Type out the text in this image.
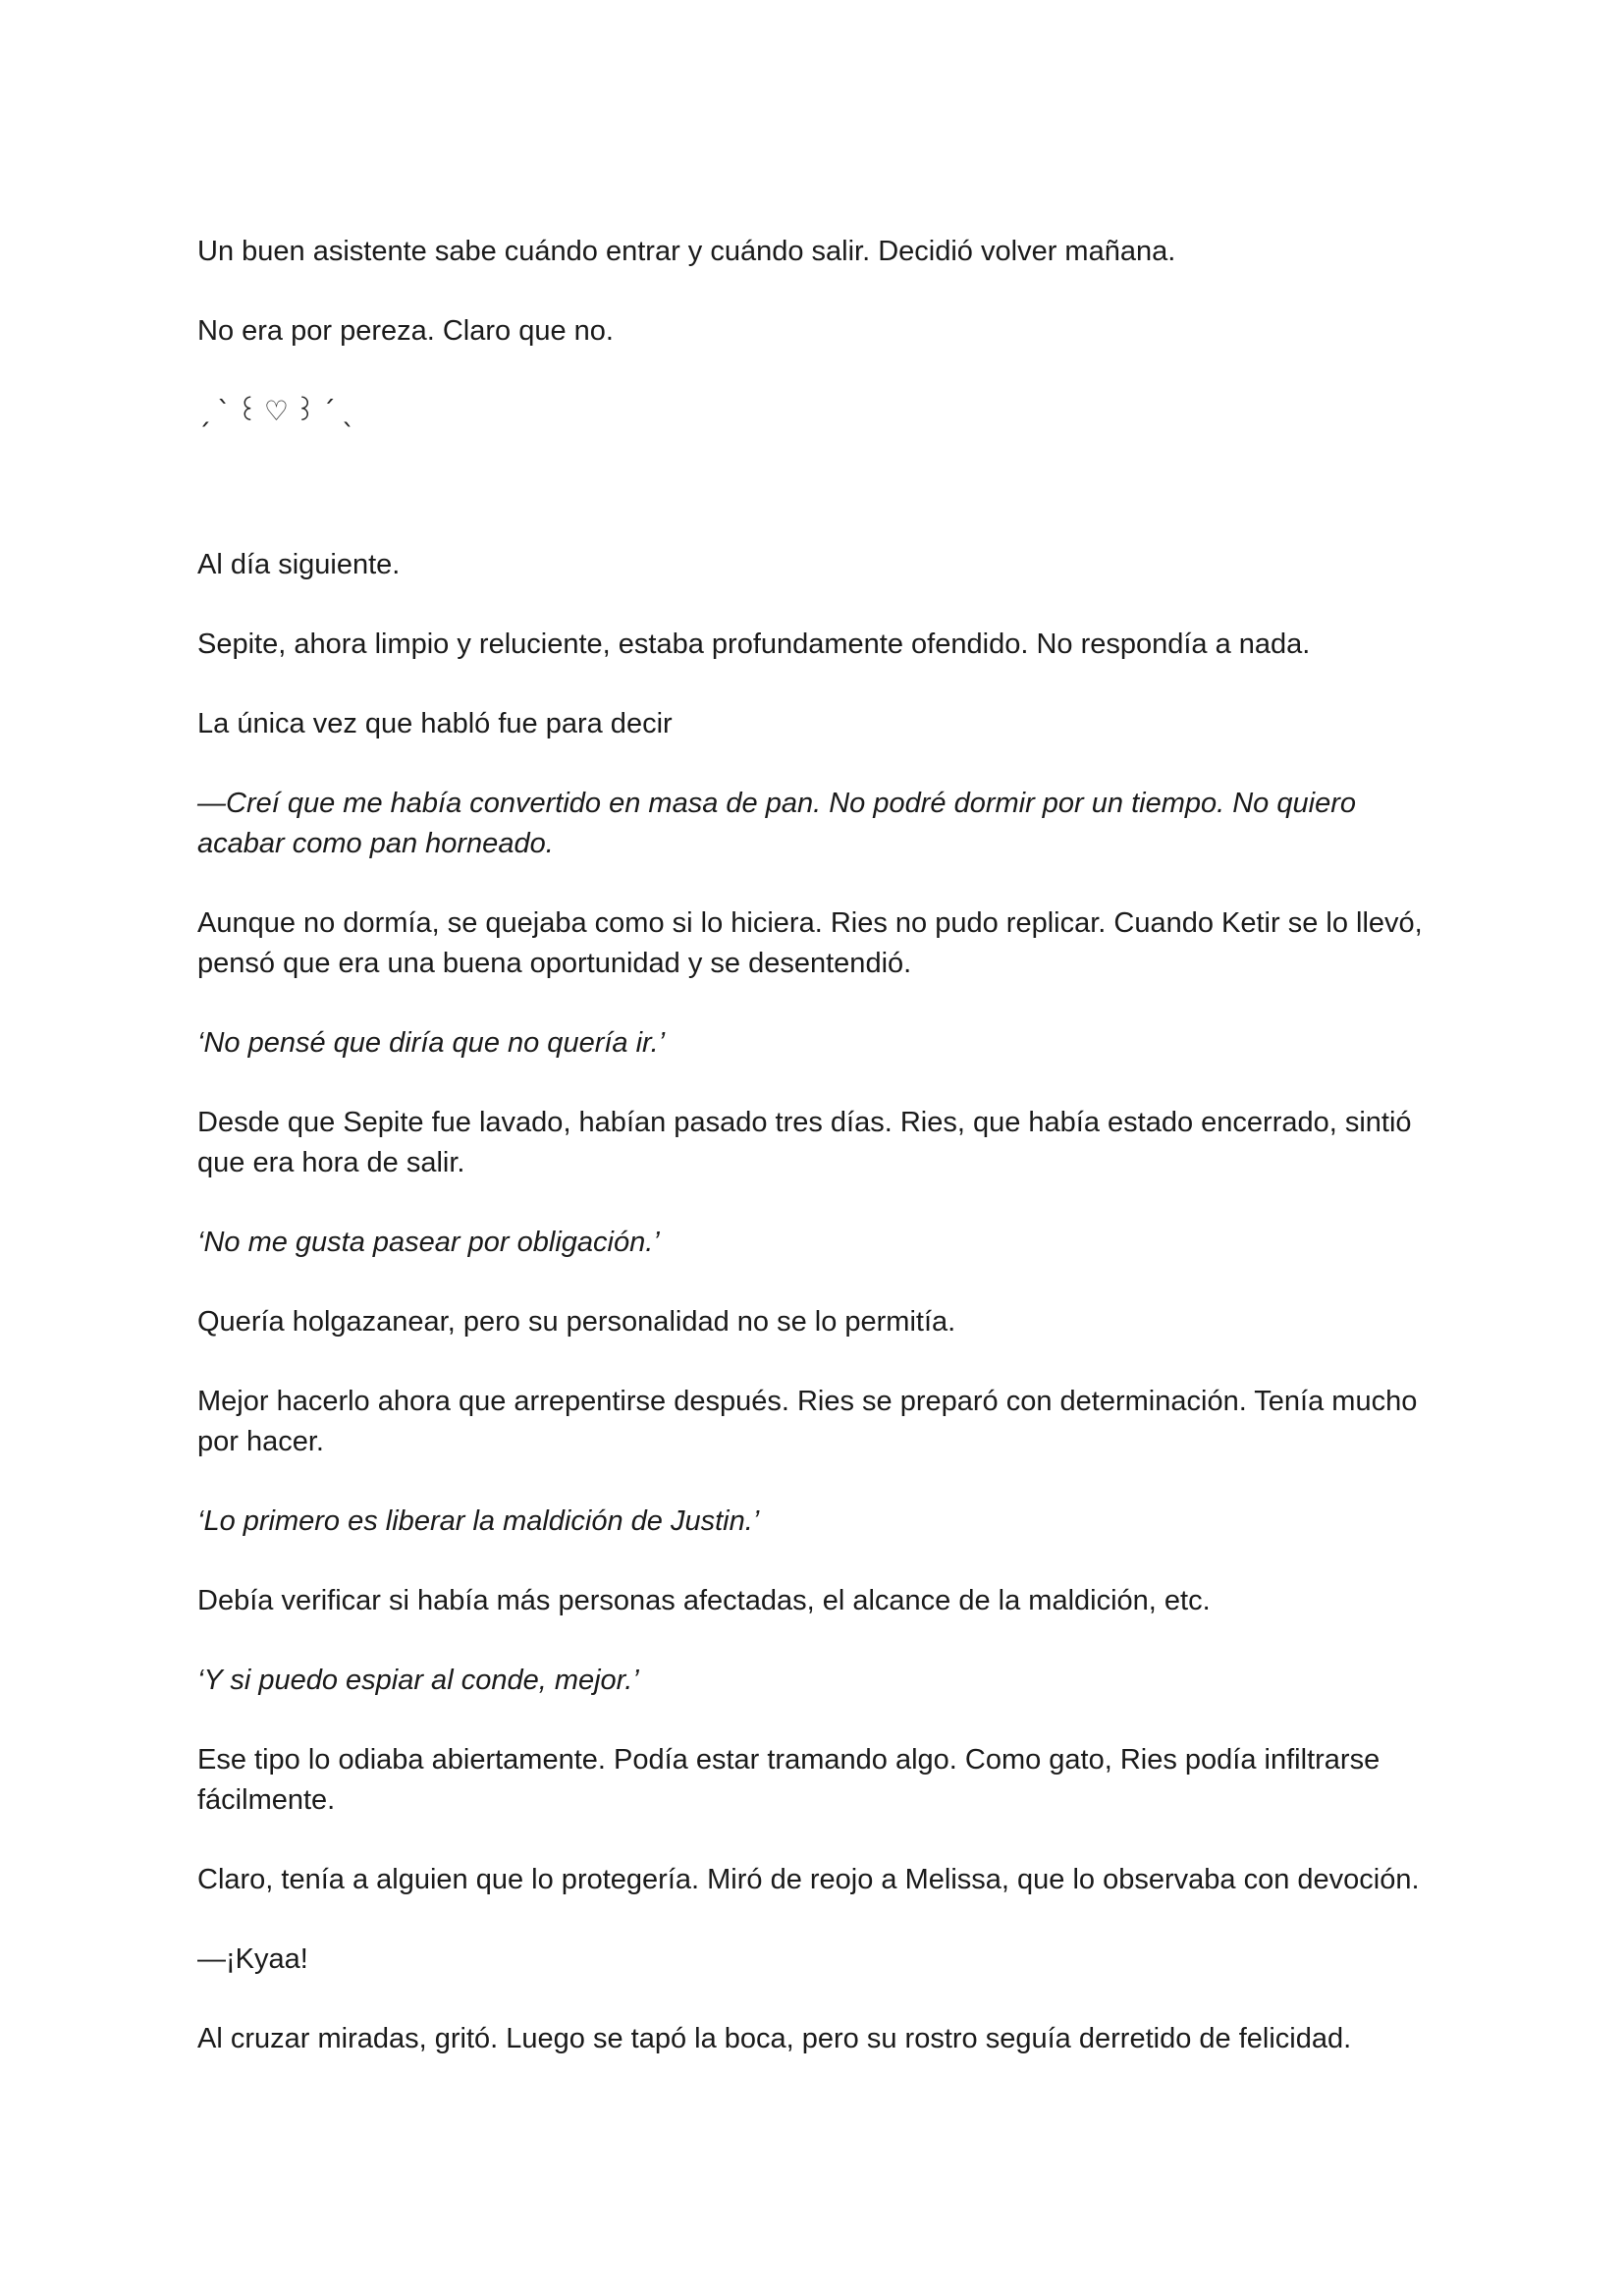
Un buen asistente sabe cuándo entrar y cuándo salir. Decidió volver mañana.

No era por pereza. Claro que no.

ˏˋ꒰♡꒱ˊˎ

Al día siguiente.

Sepite, ahora limpio y reluciente, estaba profundamente ofendido. No respondía a nada.

La única vez que habló fue para decir

—Creí que me había convertido en masa de pan. No podré dormir por un tiempo. No quiero acabar como pan horneado.

Aunque no dormía, se quejaba como si lo hiciera. Ries no pudo replicar. Cuando Ketir se lo llevó, pensó que era una buena oportunidad y se desentendió.

‘No pensé que diría que no quería ir.’

Desde que Sepite fue lavado, habían pasado tres días. Ries, que había estado encerrado, sintió que era hora de salir.

‘No me gusta pasear por obligación.’

Quería holgazanear, pero su personalidad no se lo permitía.

Mejor hacerlo ahora que arrepentirse después. Ries se preparó con determinación. Tenía mucho por hacer.

‘Lo primero es liberar la maldición de Justin.’

Debía verificar si había más personas afectadas, el alcance de la maldición, etc.

‘Y si puedo espiar al conde, mejor.’

Ese tipo lo odiaba abiertamente. Podía estar tramando algo. Como gato, Ries podía infiltrarse fácilmente.

Claro, tenía a alguien que lo protegería. Miró de reojo a Melissa, que lo observaba con devoción.

—¡Kyaa!

Al cruzar miradas, gritó. Luego se tapó la boca, pero su rostro seguía derretido de felicidad.
